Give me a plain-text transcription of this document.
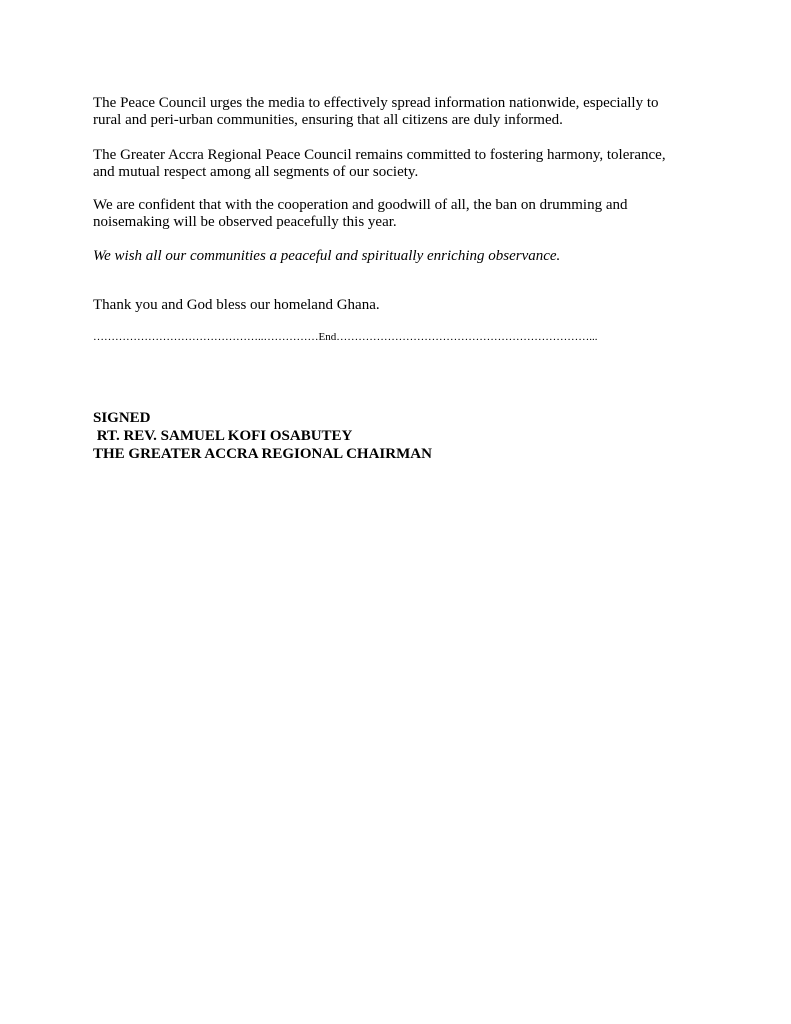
The Peace Council urges the media to effectively spread information nationwide, especially to
rural and peri-urban communities, ensuring that all citizens are duly informed.

The Greater Accra Regional Peace Council remains committed to fostering harmony, tolerance,
and mutual respect among all segments of our society.

We are confident that with the cooperation and goodwill of all, the ban on drumming and
noisemaking will be observed peacefully this year.

We wish all our communities a peaceful and spiritually enriching observance.

Thank you and God bless our homeland Ghana.

………………………………………..……………End……………………………………………………………...

SIGNED

RT. REV. SAMUEL KOFI OSABUTEY

THE GREATER ACCRA REGIONAL CHAIRMAN
